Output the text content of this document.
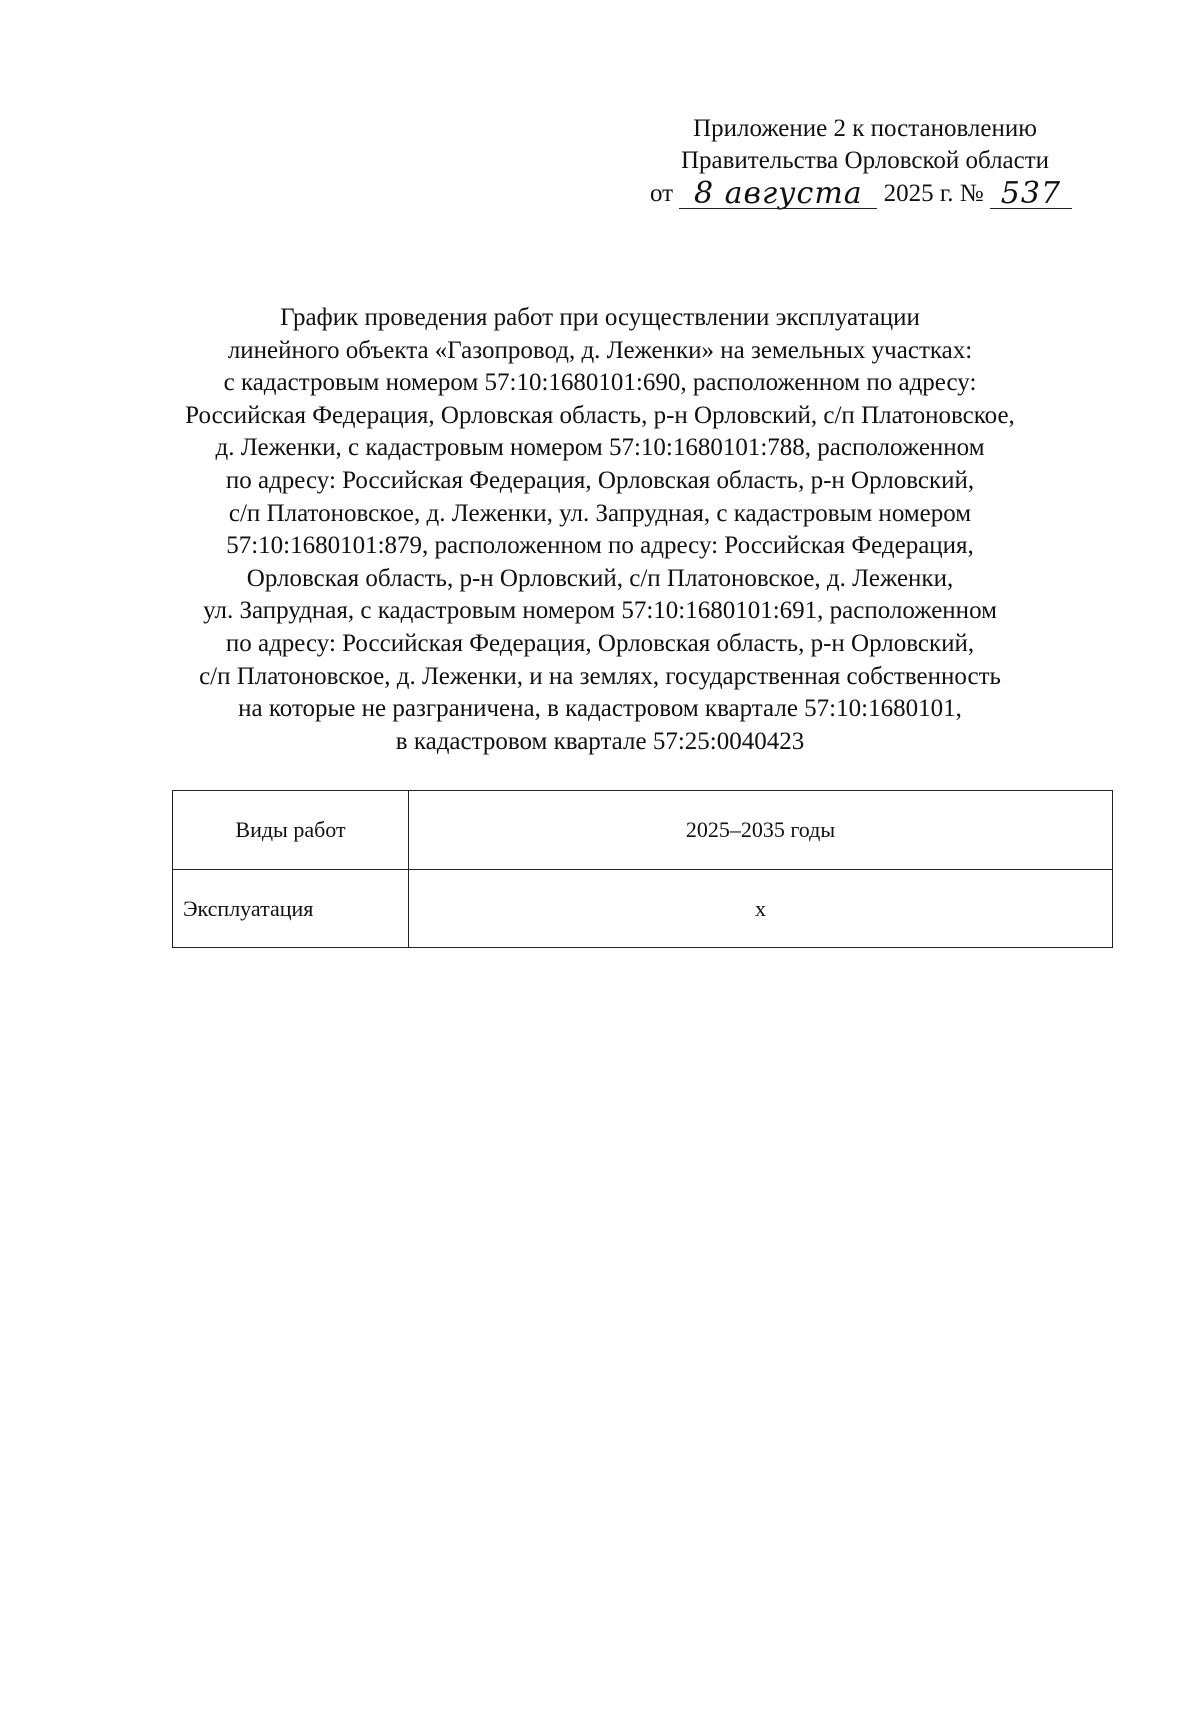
Приложение 2 к постановлению
Правительства Орловской области
от 8 августа 2025 г. № 537
График проведения работ при осуществлении эксплуатации
линейного объекта «Газопровод, д. Леженки» на земельных участках:
с кадастровым номером 57:10:1680101:690, расположенном по адресу:
Российская Федерация, Орловская область, р-н Орловский, с/п Платоновское,
д. Леженки, с кадастровым номером 57:10:1680101:788, расположенном
по адресу: Российская Федерация, Орловская область, р-н Орловский,
с/п Платоновское, д. Леженки, ул. Запрудная, с кадастровым номером
57:10:1680101:879, расположенном по адресу: Российская Федерация,
Орловская область, р-н Орловский, с/п Платоновское, д. Леженки,
ул. Запрудная, с кадастровым номером 57:10:1680101:691, расположенном
по адресу: Российская Федерация, Орловская область, р-н Орловский,
с/п Платоновское, д. Леженки, и на землях, государственная собственность
на которые не разграничена, в кадастровом квартале 57:10:1680101,
в кадастровом квартале 57:25:0040423
Виды работ	2025–2035 годы
Эксплуатация	х
